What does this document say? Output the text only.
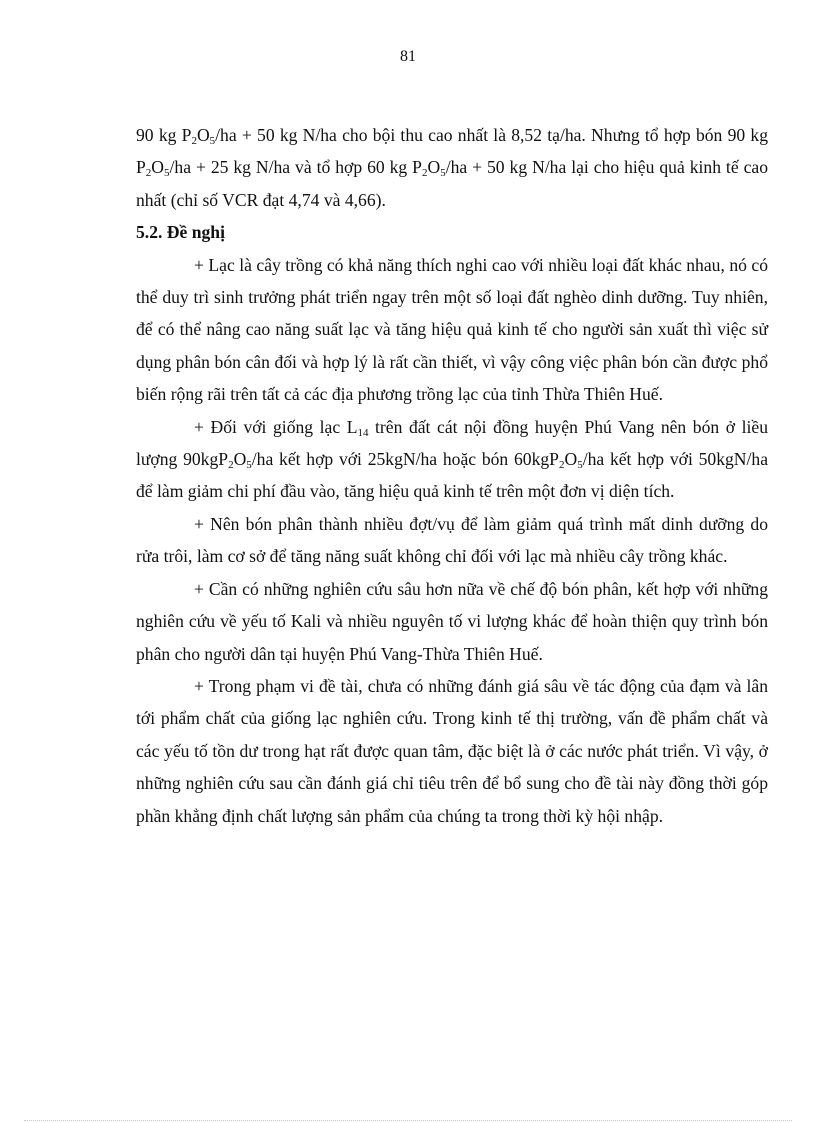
81

90 kg $P_2O_5/ha + 50$ kg N/ha cho bội thu cao nhất là 8,52 tạ/ha. Nhưng tổ hợp bón 90 kg $P_2O_5/ha + 25$ kg N/ha và tổ hợp 60 kg $P_2O_5/ha + 50$ kg N/ha lại cho hiệu quả kinh tế cao nhất (chỉ số VCR đạt 4,74 và 4,66).

5.2. Đề nghị

+ Lạc là cây trồng có khả năng thích nghi cao với nhiều loại đất khác nhau, nó có thể duy trì sinh trưởng phát triển ngay trên một số loại đất nghèo dinh dưỡng. Tuy nhiên, để có thể nâng cao năng suất lạc và tăng hiệu quả kinh tế cho người sản xuất thì việc sử dụng phân bón cân đối và hợp lý là rất cần thiết, vì vậy công việc phân bón cần được phổ biến rộng rãi trên tất cả các địa phương trồng lạc của tỉnh Thừa Thiên Huế.

+ Đối với giống lạc $L_{14}$ trên đất cát nội đồng huyện Phú Vang nên bón ở liều lượng $90kgP_2O_5/ha$ kết hợp với 25kgN/ha hoặc bón $60kgP_2O_5/ha$ kết hợp với 50kgN/ha để làm giảm chi phí đầu vào, tăng hiệu quả kinh tế trên một đơn vị diện tích.

+ Nên bón phân thành nhiều đợt/vụ để làm giảm quá trình mất dinh dưỡng do rửa trôi, làm cơ sở để tăng năng suất không chỉ đối với lạc mà nhiều cây trồng khác.

+ Cần có những nghiên cứu sâu hơn nữa về chế độ bón phân, kết hợp với những nghiên cứu về yếu tố Kali và nhiều nguyên tố vi lượng khác để hoàn thiện quy trình bón phân cho người dân tại huyện Phú Vang-Thừa Thiên Huế.

+ Trong phạm vi đề tài, chưa có những đánh giá sâu về tác động của đạm và lân tới phẩm chất của giống lạc nghiên cứu. Trong kinh tế thị trường, vấn đề phẩm chất và các yếu tố tồn dư trong hạt rất được quan tâm, đặc biệt là ở các nước phát triển. Vì vậy, ở những nghiên cứu sau cần đánh giá chỉ tiêu trên để bổ sung cho đề tài này đồng thời góp phần khẳng định chất lượng sản phẩm của chúng ta trong thời kỳ hội nhập.
